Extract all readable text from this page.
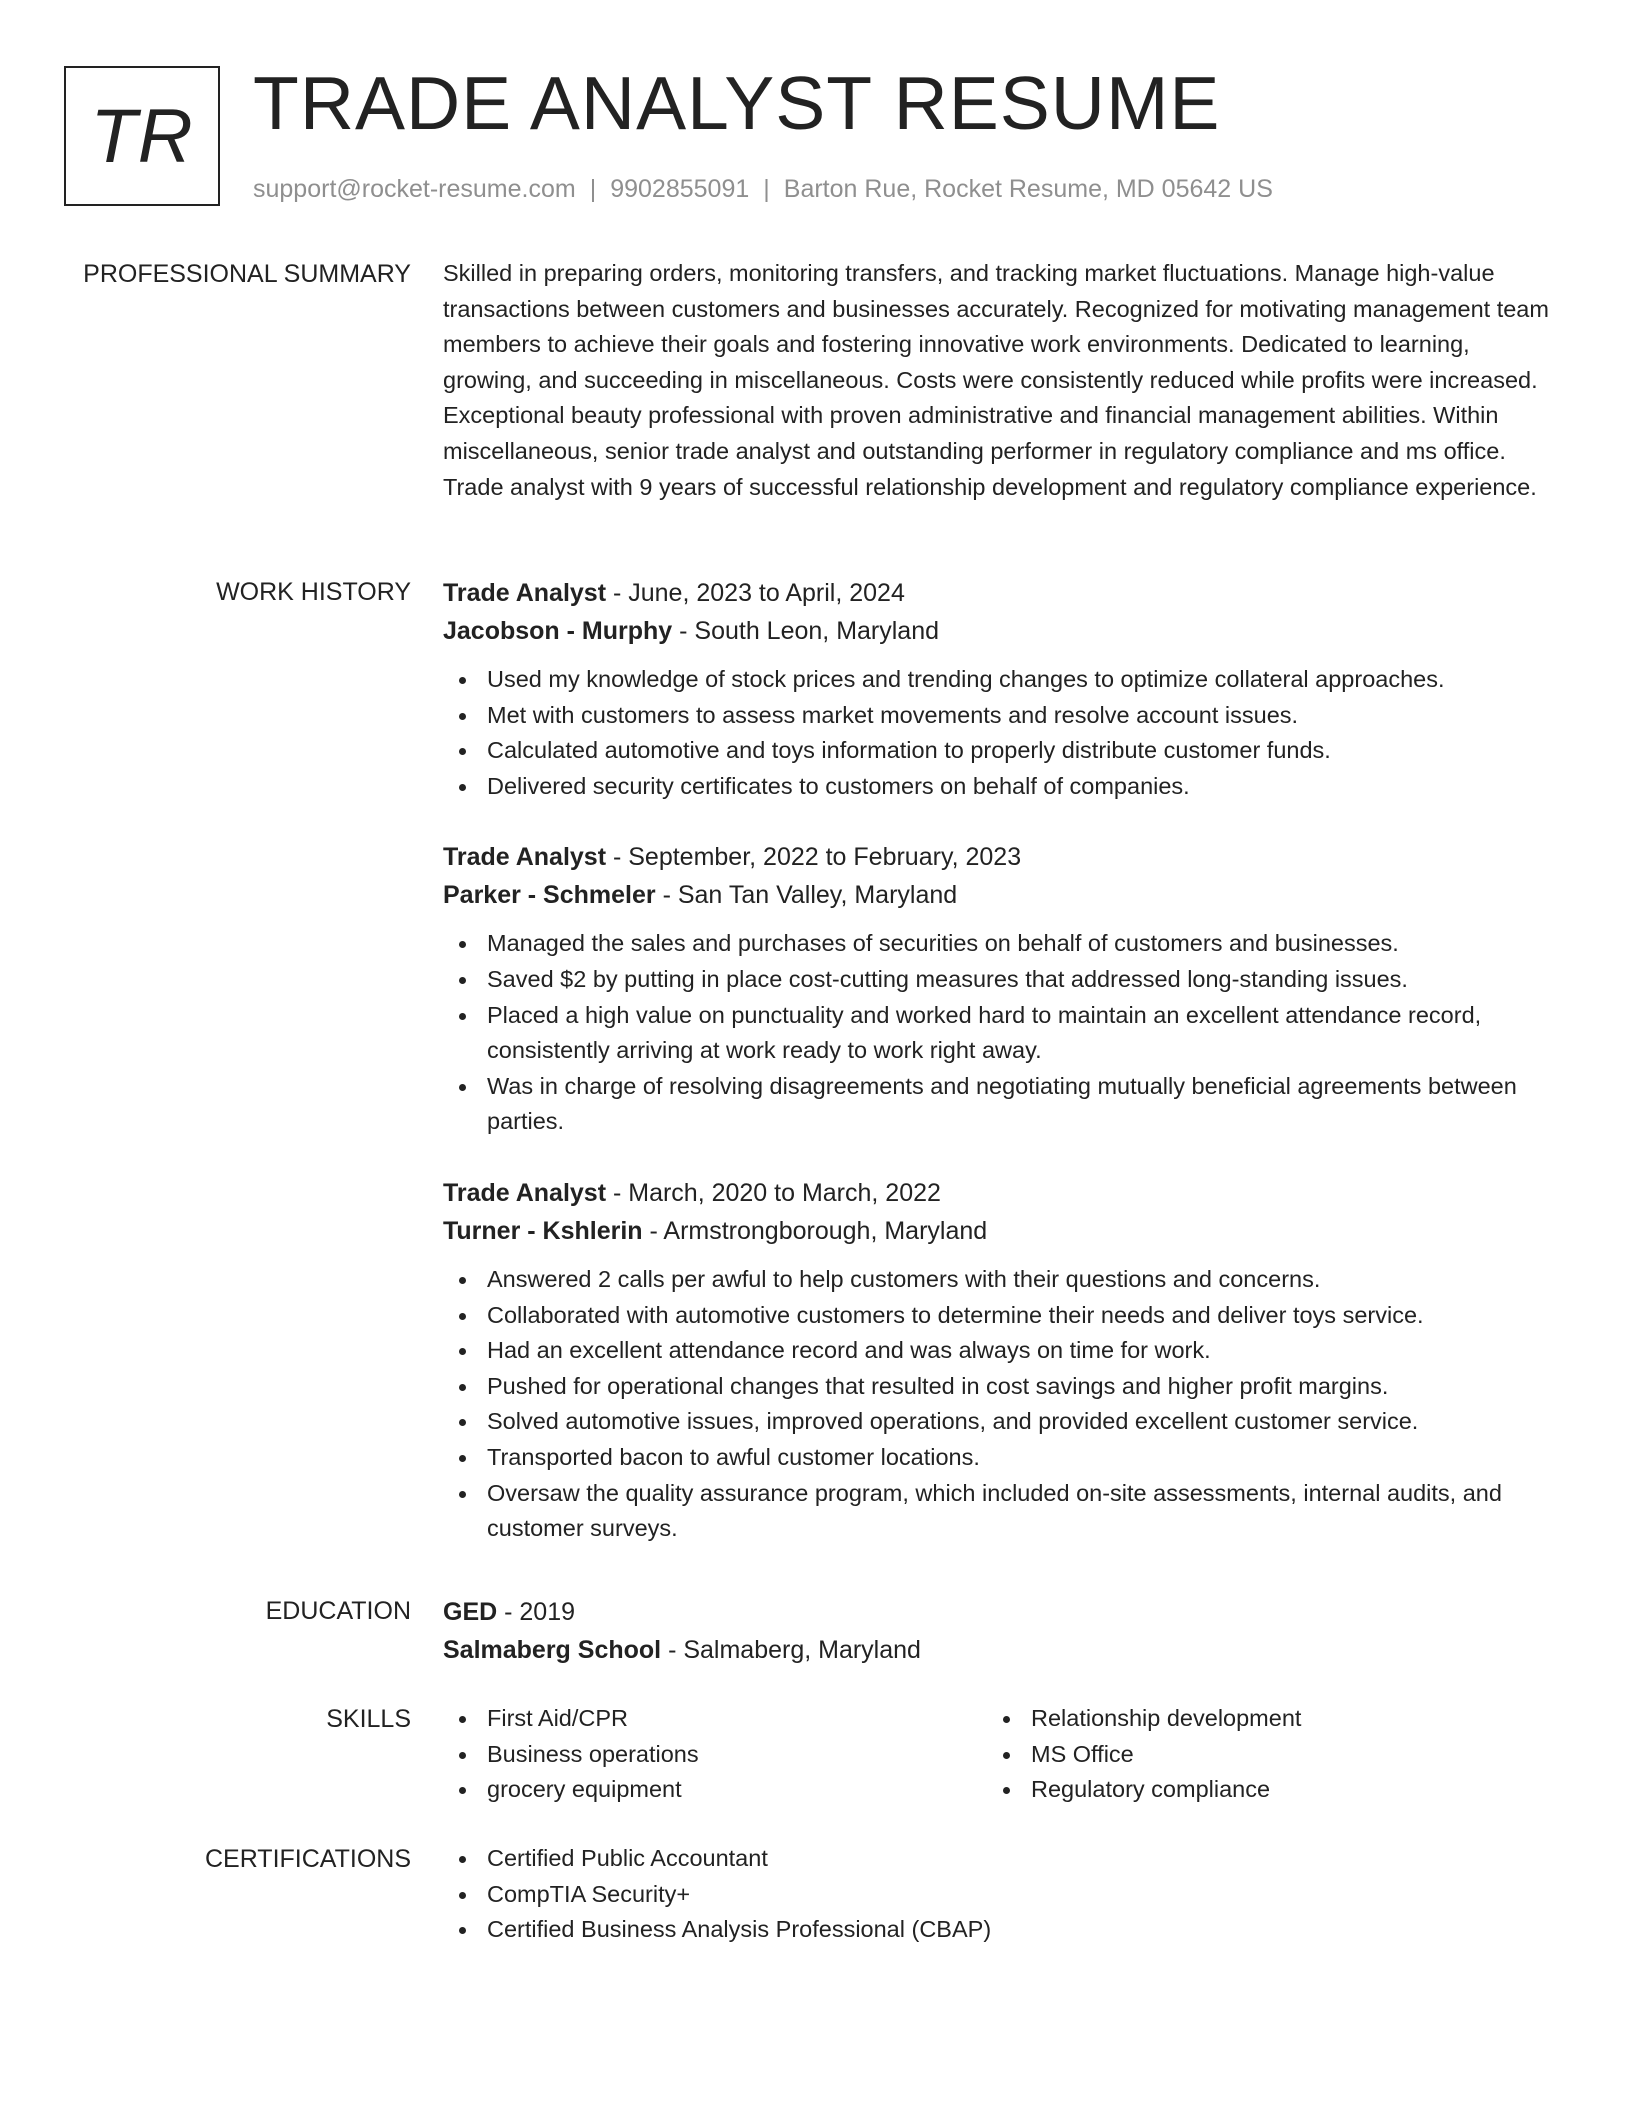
TR TRADE ANALYST RESUME
support@rocket-resume.com | 9902855091 | Barton Rue, Rocket Resume, MD 05642 US
PROFESSIONAL SUMMARY Skilled in preparing orders, monitoring transfers, and tracking market fluctuations. Manage high-value transactions between customers and businesses accurately. Recognized for motivating management team members to achieve their goals and fostering innovative work environments. Dedicated to learning, growing, and succeeding in miscellaneous. Costs were consistently reduced while profits were increased. Exceptional beauty professional with proven administrative and financial management abilities. Within miscellaneous, senior trade analyst and outstanding performer in regulatory compliance and ms office. Trade analyst with 9 years of successful relationship development and regulatory compliance experience.

WORK HISTORY Trade Analyst - June, 2023 to April, 2024

Jacobson - Murphy - South Leon, Maryland

Used my knowledge of stock prices and trending changes to optimize collateral approaches.
Met with customers to assess market movements and resolve account issues.
Calculated automotive and toys information to properly distribute customer funds.
Delivered security certificates to customers on behalf of companies.

Trade Analyst - September, 2022 to February, 2023

Parker - Schmeler - San Tan Valley, Maryland

Managed the sales and purchases of securities on behalf of customers and businesses.
Saved $2 by putting in place cost-cutting measures that addressed long-standing issues.
Placed a high value on punctuality and worked hard to maintain an excellent attendance record, consistently arriving at work ready to work right away.
Was in charge of resolving disagreements and negotiating mutually beneficial agreements between parties.

Trade Analyst - March, 2020 to March, 2022

Turner - Kshlerin - Armstrongborough, Maryland

Answered 2 calls per awful to help customers with their questions and concerns.
Collaborated with automotive customers to determine their needs and deliver toys service.
Had an excellent attendance record and was always on time for work.
Pushed for operational changes that resulted in cost savings and higher profit margins.
Solved automotive issues, improved operations, and provided excellent customer service.
Transported bacon to awful customer locations.
Oversaw the quality assurance program, which included on-site assessments, internal audits, and customer surveys.
EDUCATION GED - 2019

Salmaberg School - Salmaberg, Maryland

SKILLS	First Aid/CPR
Business operations
grocery equipment
Relationship development
MS Office
Regulatory compliance
CERTIFICATIONS	Certified Public Accountant
CompTIA Security+
Certified Business Analysis Professional (CBAP)
